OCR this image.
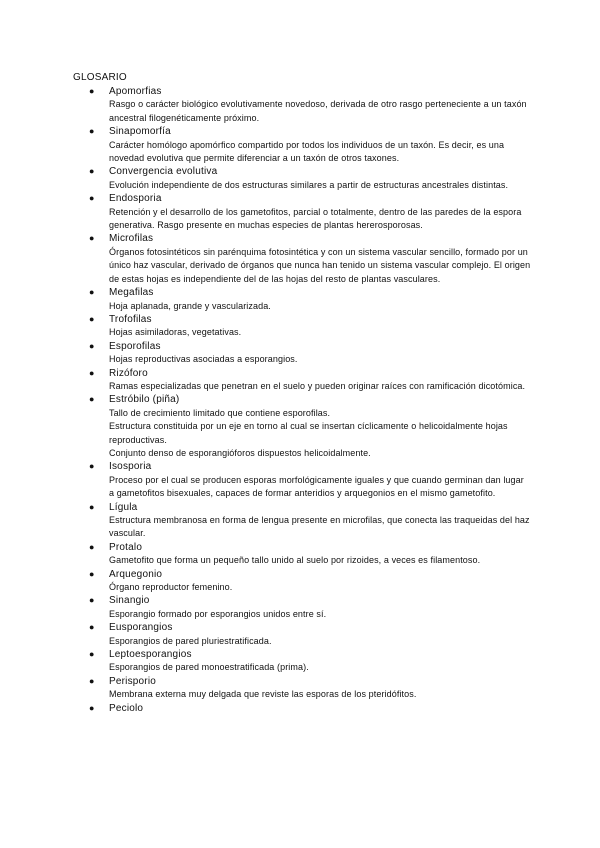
GLOSARIO
● Apomorfias
Rasgo o carácter biológico evolutivamente novedoso, derivada de otro rasgo perteneciente a un taxón ancestral filogenéticamente próximo.
● Sinapomorfía
Carácter homólogo apomórfico compartido por todos los individuos de un taxón. Es decir, es una novedad evolutiva que permite diferenciar a un taxón de otros taxones.
● Convergencia evolutiva
Evolución independiente de dos estructuras similares a partir de estructuras ancestrales distintas.
● Endosporia
Retención y el desarrollo de los gametofitos, parcial o totalmente, dentro de las paredes de la espora generativa. Rasgo presente en muchas especies de plantas hererosporosas.
● Microfilas
Órganos fotosintéticos sin parénquima fotosintética y con un sistema vascular sencillo, formado por un único haz vascular, derivado de órganos que nunca han tenido un sistema vascular complejo. El origen de estas hojas es independiente del de las hojas del resto de plantas vasculares.
● Megafilas
Hoja aplanada, grande y vascularizada.
● Trofofilas
Hojas asimiladoras, vegetativas.
● Esporofilas
Hojas reproductivas asociadas a esporangios.
● Rizóforo
Ramas especializadas que penetran en el suelo y pueden originar raíces con ramificación dicotómica.
● Estróbilo (piña)
Tallo de crecimiento limitado que contiene esporofilas.
Estructura constituida por un eje en torno al cual se insertan cíclicamente o helicoidalmente hojas reproductivas.
Conjunto denso de esporangióforos dispuestos helicoidalmente.
● Isosporia
Proceso por el cual se producen esporas morfológicamente iguales y que cuando germinan dan lugar a gametofitos bisexuales, capaces de formar anteridios y arquegonios en el mismo gametofito.
● Lígula
Estructura membranosa en forma de lengua presente en microfilas, que conecta las traqueidas del haz vascular.
● Protalo
Gametofito que forma un pequeño tallo unido al suelo por rizoides, a veces es filamentoso.
● Arquegonio
Órgano reproductor femenino.
● Sinangio
Esporangio formado por esporangios unidos entre sí.
● Eusporangios
Esporangios de pared pluriestratificada.
● Leptoesporangios
Esporangios de pared monoestratificada (prima).
● Perisporio
Membrana externa muy delgada que reviste las esporas de los pteridófitos.
● Peciolo
